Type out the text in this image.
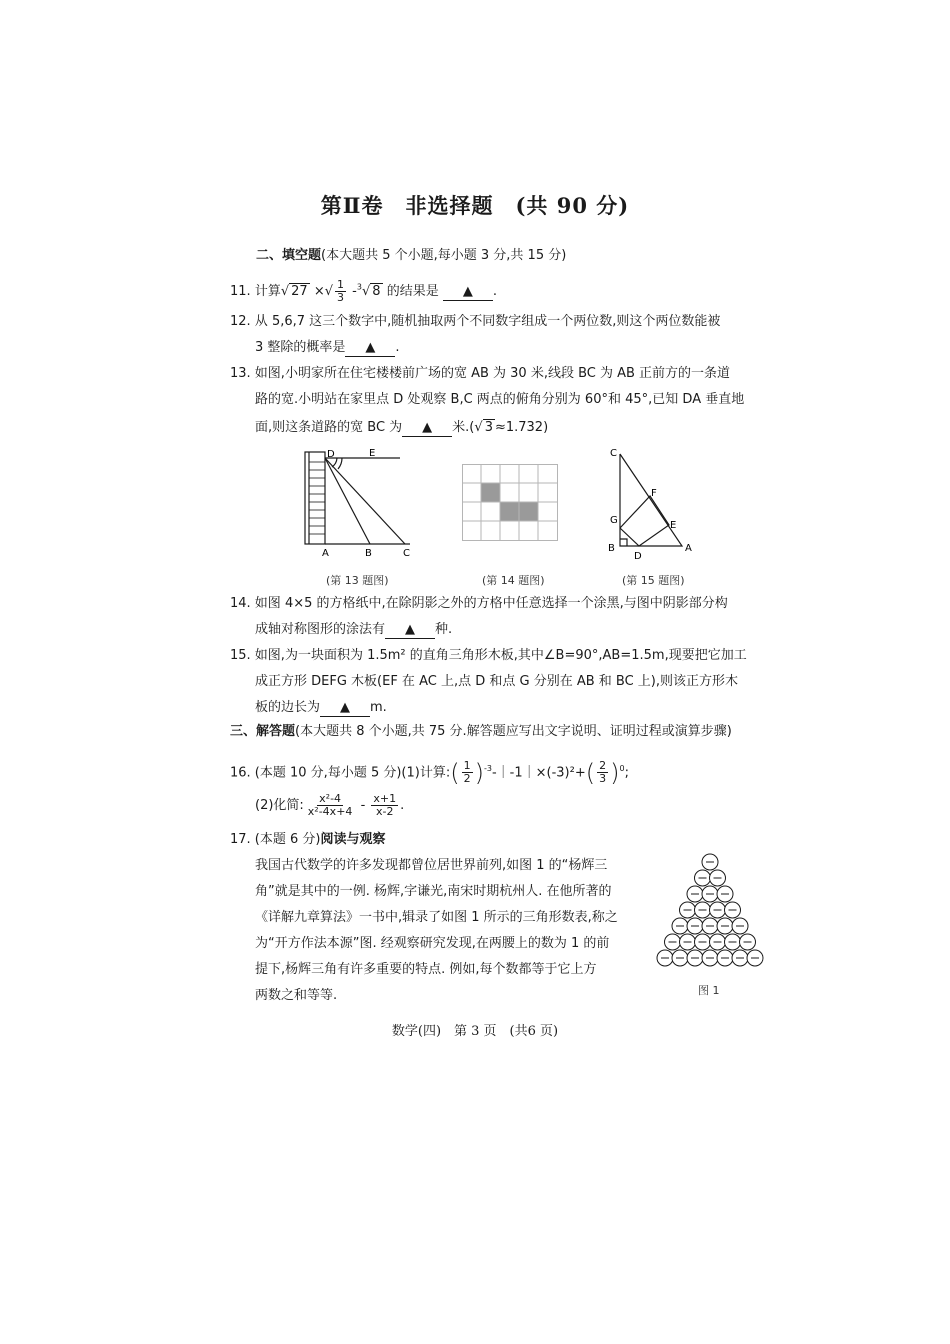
第Ⅱ卷　非选择题　(共 90 分)
二、填空题(本大题共 5 个小题,每小题 3 分,共 15 分)
11. 计算√ 27 ×√ $\frac{1}{3} -^3√$ 8 的结果是 ▲ .
12. 从 5,6,7 这三个数字中,随机抽取两个不同数字组成一个两位数,则这个两位数能被
3 整除的概率是 ▲ .
13. 如图,小明家所在住宅楼楼前广场的宽 AB 为 30 米,线段 BC 为 AB 正前方的一条道
路的宽.小明站在家里点 D 处观察 B,C 两点的俯角分别为 60°和 45°,已知 DA 垂直地
面,则这条道路的宽 BC 为 ▲ 米.(√ 3 ≈1.732)
D	E
A	B	C
(第 13 题图)	(第 14 题图)
C
F
G	E
B
D
A
(第 15 题图)
14. 如图 4×5 的方格纸中,在除阴影之外的方格中任意选择一个涂黑,与图中阴影部分构
成轴对称图形的涂法有 ▲ 种.
15. 如图,为一块面积为 1.5m² 的直角三角形木板,其中∠B=90°,AB=1.5m,现要把它加工
成正方形 DEFG 木板(EF 在 AC 上,点 D 和点 G 分别在 AB 和 BC 上),则该正方形木
板的边长为 ▲ m.
三、解答题(本大题共 8 个小题,共 75 分.解答题应写出文字说明、证明过程或演算步骤)
16. (本题 10 分,每小题 5 分)(1)计算:( $\frac{1}{2}$ )$^{-3}$-｜-1｜×(-3)²+( $\frac{2}{3} )^0$;
(2)化简: $\frac{\text{x²-4}}{\text{x²-4x+4}} - \frac{x+1}{x-2}$ .
17. (本题 6 分)阅读与观察
我国古代数学的许多发现都曾位居世界前列,如图 1 的“杨辉三
角”就是其中的一例. 杨辉,字谦光,南宋时期杭州人. 在他所著的
《详解九章算法》一书中,辑录了如图 1 所示的三角形数表,称之
为“开方作法本源”图. 经观察研究发现,在两腰上的数为 1 的前
提下,杨辉三角有许多重要的特点. 例如,每个数都等于它上方
两数之和等等.	图 1
数学(四)　第 3 页　(共6 页)
